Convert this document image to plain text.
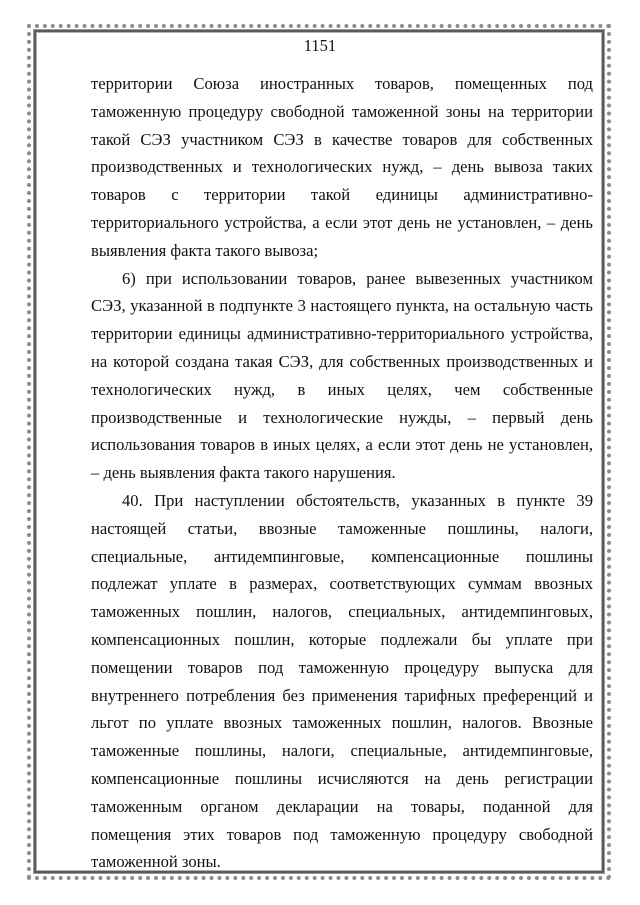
1151

территории Союза иностранных товаров, помещенных под таможенную процедуру свободной таможенной зоны на территории такой СЭЗ участником СЭЗ в качестве товаров для собственных производственных и технологических нужд, – день вывоза таких товаров с территории такой единицы административно-территориального устройства, а если этот день не установлен, – день выявления факта такого вывоза;

6) при использовании товаров, ранее вывезенных участником СЭЗ, указанной в подпункте 3 настоящего пункта, на остальную часть территории единицы административно-территориального устройства, на которой создана такая СЭЗ, для собственных производственных и технологических нужд, в иных целях, чем собственные производственные и технологические нужды, – первый день использования товаров в иных целях, а если этот день не установлен, – день выявления факта такого нарушения.

40. При наступлении обстоятельств, указанных в пункте 39 настоящей статьи, ввозные таможенные пошлины, налоги, специальные, антидемпинговые, компенсационные пошлины подлежат уплате в размерах, соответствующих суммам ввозных таможенных пошлин, налогов, специальных, антидемпинговых, компенсационных пошлин, которые подлежали бы уплате при помещении товаров под таможенную процедуру выпуска для внутреннего потребления без применения тарифных преференций и льгот по уплате ввозных таможенных пошлин, налогов. Ввозные таможенные пошлины, налоги, специальные, антидемпинговые, компенсационные пошлины исчисляются на день регистрации таможенным органом декларации на товары, поданной для помещения этих товаров под таможенную процедуру свободной таможенной зоны.
